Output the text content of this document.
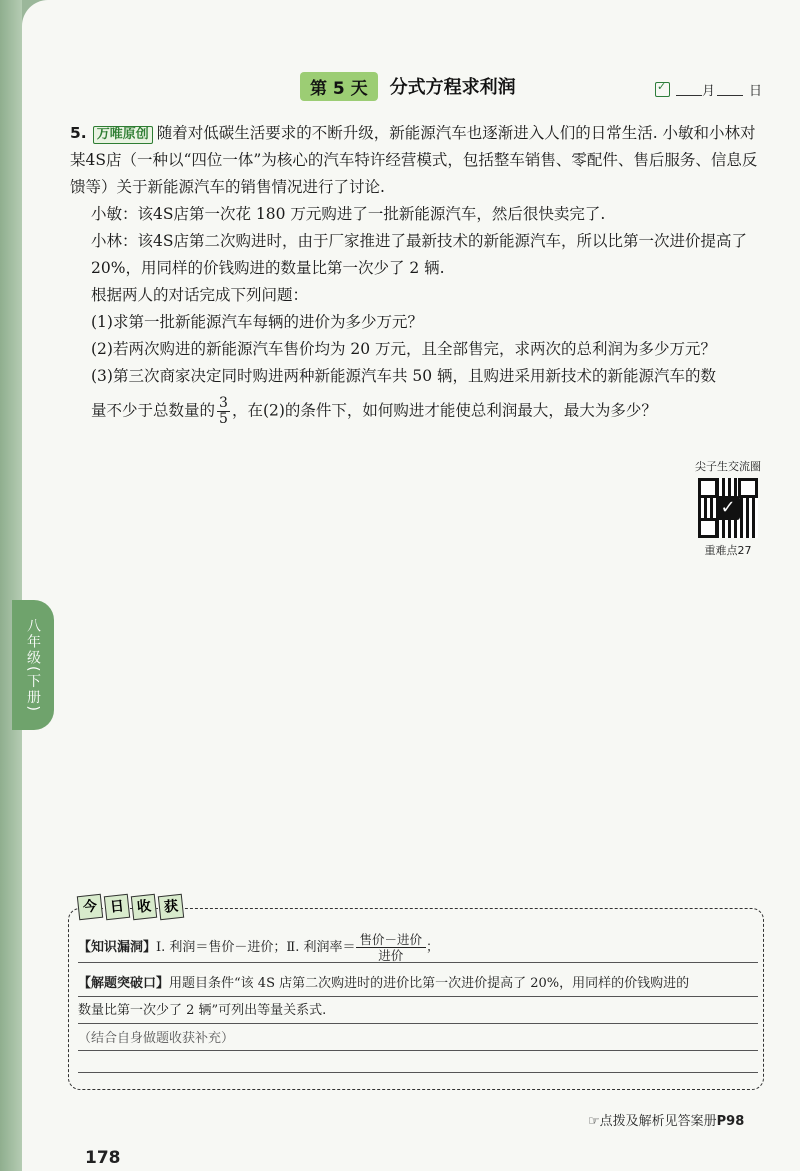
第 5 天	分式方程求利润
✓	月	日

5. 万唯原创 随着对低碳生活要求的不断升级，新能源汽车也逐渐进入人们的日常生活. 小敏和小林对某4S店（一种以“四位一体”为核心的汽车特许经营模式，包括整车销售、零配件、售后服务、信息反馈等）关于新能源汽车的销售情况进行了讨论.

小敏：该4S店第一次花 180 万元购进了一批新能源汽车，然后很快卖完了.

小林：该4S店第二次购进时，由于厂家推进了最新技术的新能源汽车，所以比第一次进价提高了 20%，用同样的价钱购进的数量比第一次少了 2 辆.

根据两人的对话完成下列问题：

(1)求第一批新能源汽车每辆的进价为多少万元？

(2)若两次购进的新能源汽车售价均为 20 万元，且全部售完，求两次的总利润为多少万元？

(3)第三次商家决定同时购进两种新能源汽车共 50 辆，且购进采用新技术的新能源汽车的数

量不少于总数量的 $\frac{3}{5}$ ，在(2)的条件下，如何购进才能使总利润最大，最大为多少？

尖子生交流圈
✓
重难点27
八年级(下册)
今 日 收 获
【知识漏洞】Ⅰ. 利润＝售价－进价；Ⅱ. 利润率＝
售价－进价
进价
；
【解题突破口】用题目条件“该 4S 店第二次购进时的进价比第一次进价提高了 20%，用同样的价钱购进的
数量比第一次少了 2 辆”可列出等量关系式.
（结合自身做题收获补充）
☞点拨及解析见答案册P98
178
